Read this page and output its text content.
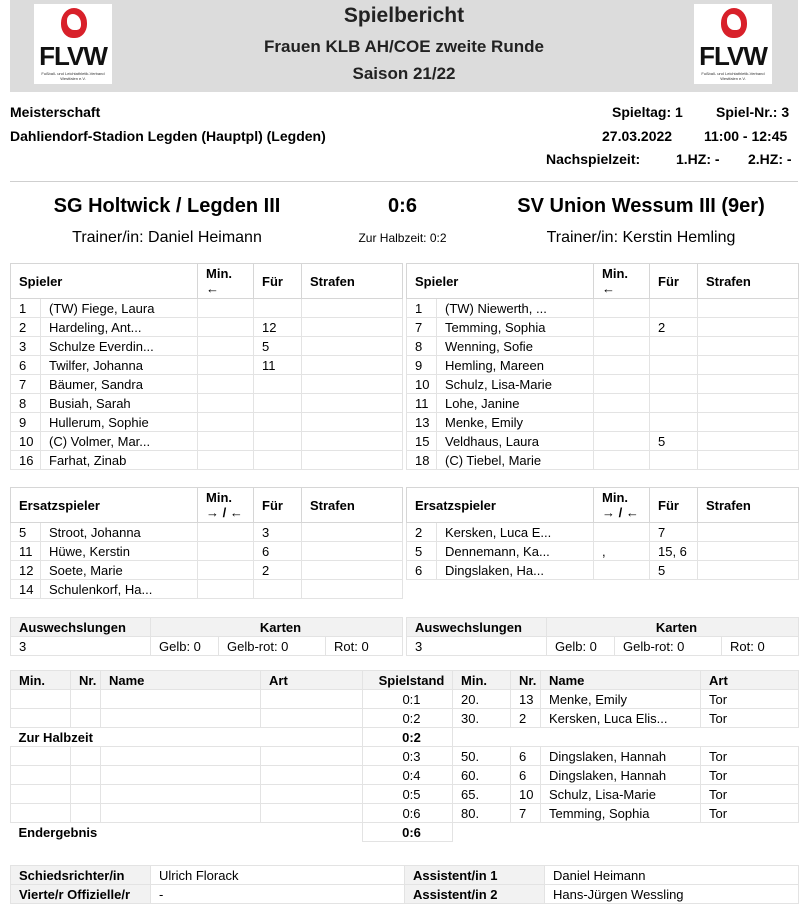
FLVW
Fußball- und Leichtathletik-Verband Westfalen e.V.
Spielbericht
Frauen KLB AH/COE zweite Runde
Saison 21/22
FLVW
Fußball- und Leichtathletik-Verband Westfalen e.V.
Meisterschaft
Dahliendorf-Stadion Legden (Hauptpl) (Legden)
Spieltag: 1 Spiel-Nr.: 3
27.03.2022 11:00 - 12:45
Nachspielzeit:	1.HZ: - 2.HZ: -
SG Holtwick / Legden III	0:6	SV Union Wessum III (9er)
Trainer/in: Daniel Heimann	Zur Halbzeit: 0:2	Trainer/in: Kerstin Hemling
Spieler		Min.
←	Für	Strafen
1	(TW) Fiege, Laura			
2	Hardeling, Ant...		12	
3	Schulze Everdin...		5	
6	Twilfer, Johanna		11	
7	Bäumer, Sandra			
8	Busiah, Sarah			
9	Hullerum, Sophie			
10	(C) Volmer, Mar...			
16	Farhat, Zinab			
Spieler		Min.
←	Für	Strafen
1	(TW) Niewerth, ...			
7	Temming, Sophia		2	
8	Wenning, Sofie			
9	Hemling, Mareen			
10	Schulz, Lisa-Marie			
11	Lohe, Janine			
13	Menke, Emily			
15	Veldhaus, Laura		5	
18	(C) Tiebel, Marie			
Ersatzspieler		Min.
→ / ←	Für	Strafen
5	Stroot, Johanna		3	
11	Hüwe, Kerstin		6	
12	Soete, Marie		2	
14	Schulenkorf, Ha...			
Ersatzspieler		Min.
→ / ←	Für	Strafen
2	Kersken, Luca E...		7	
5	Dennemann, Ka...	,	15, 6	
6	Dingslaken, Ha...		5	
Auswechslungen	Karten		
3	Gelb: 0	Gelb-rot: 0	Rot: 0
Auswechslungen	Karten		
3	Gelb: 0	Gelb-rot: 0	Rot: 0
Min.	Nr.	Name	Art	Spielstand	Min.	Nr.	Name	Art
				0:1	20.	13	Menke, Emily	Tor
				0:2	30.	2	Kersken, Luca Elis...	Tor
Zur Halbzeit				0:2				
				0:3	50.	6	Dingslaken, Hannah	Tor
				0:4	60.	6	Dingslaken, Hannah	Tor
				0:5	65.	10	Schulz, Lisa-Marie	Tor
				0:6	80.	7	Temming, Sophia	Tor
Endergebnis				0:6				
Schiedsrichter/in	Ulrich Florack	Assistent/in 1	Daniel Heimann
Vierte/r Offizielle/r	-	Assistent/in 2	Hans-Jürgen Wessling
